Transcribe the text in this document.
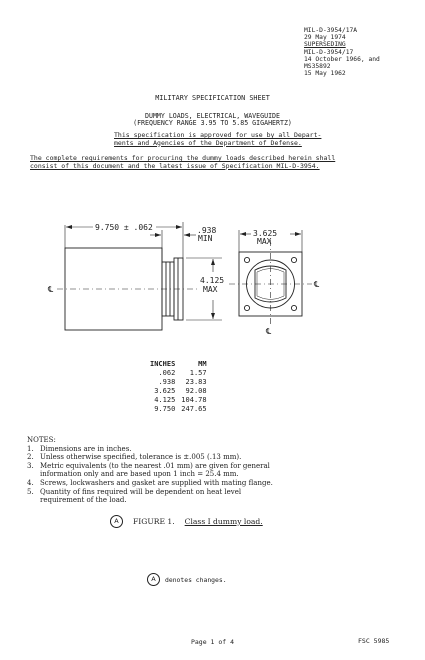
MIL-D-3954/17A
29 May 1974
SUPERSEDING
MIL-D-3954/17
14 October 1966, and
MS35892
15 May 1962
MILITARY SPECIFICATION SHEET
DUMMY LOADS, ELECTRICAL, WAVEGUIDE
(FREQUENCY RANGE 3.95 TO 5.85 GIGAHERTZ)
This specification is approved for use by all Depart-
ments and Agencies of the Department of Defense.
The complete requirements for procuring the dummy loads described herein shall
consist of this document and the latest issue of Specification MIL-D-3954.
9.750 ± .062	.938
MIN
4.125
MAX
3.625
MAX
℄
℄
℄
INCHES	MM
.062	1.57
.938	23.83
3.625	92.08
4.125	104.78
9.750	247.65
NOTES:
1. Dimensions are in inches.
2. Unless otherwise specified, tolerance is ±.005 (.13 mm).
3. Metric equivalents (to the nearest .01 mm) are given for general
information only and are based upon 1 inch = 25.4 mm.
4. Screws, lockwashers and gasket are supplied with mating flange.
5. Quantity of fins required will be dependent on heat level
requirement of the load.
A	FIGURE 1. Class I dummy load.
A	denotes changes.
Page 1 of 4	FSC 5985
